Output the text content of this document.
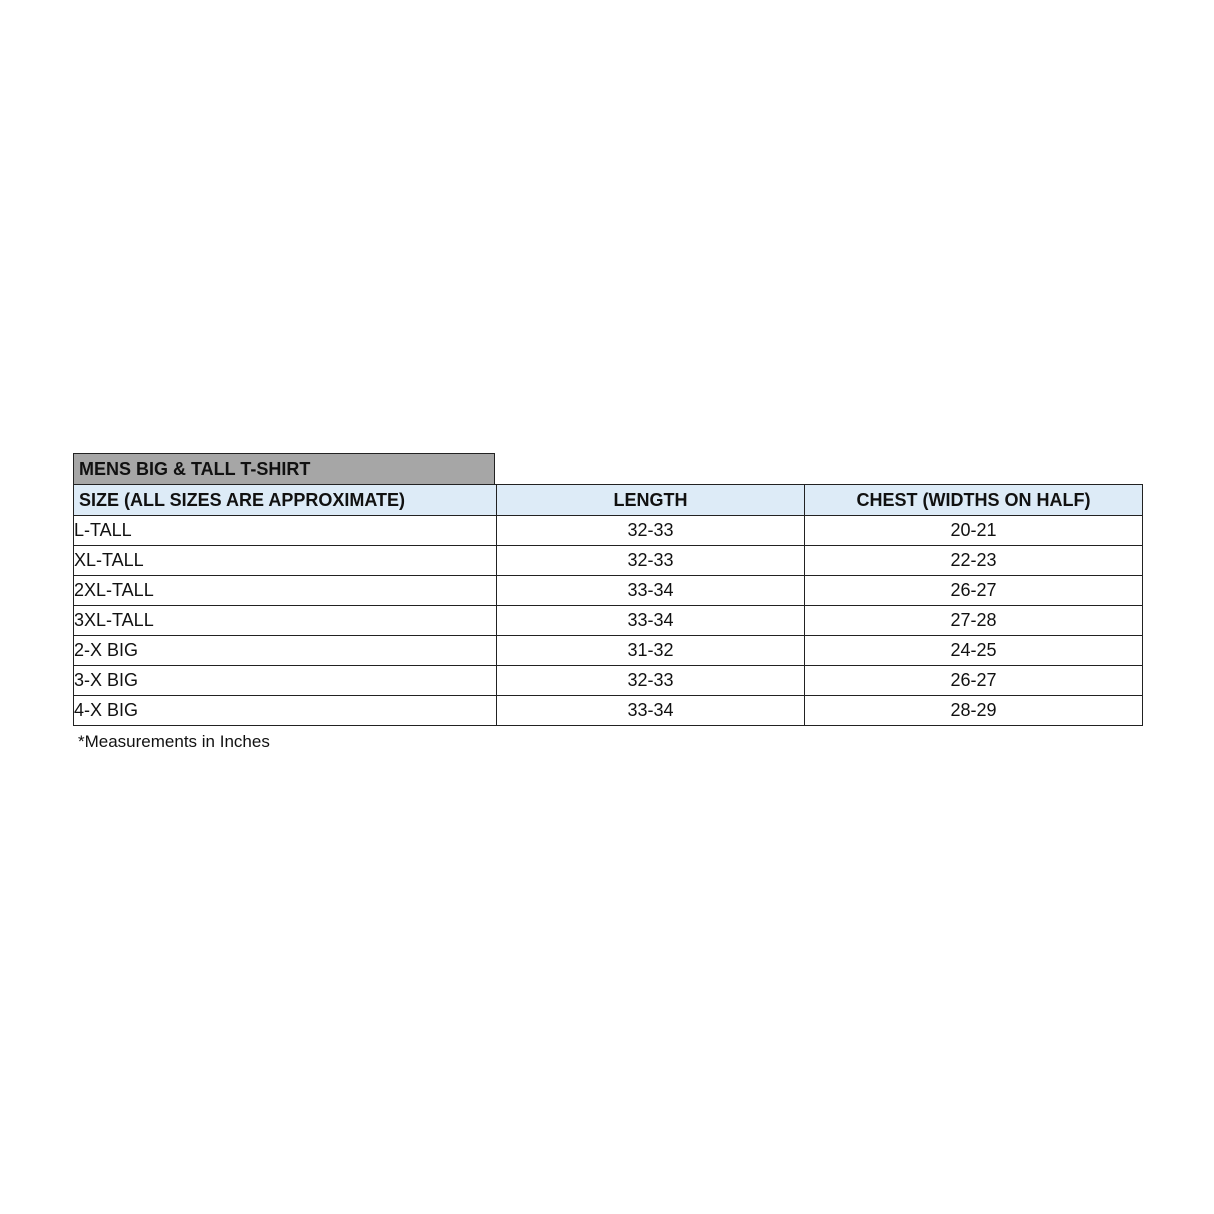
MENS BIG & TALL T-SHIRT
SIZE (ALL SIZES ARE APPROXIMATE)	LENGTH	CHEST (WIDTHS ON HALF)
L-TALL	32-33	20-21
XL-TALL	32-33	22-23
2XL-TALL	33-34	26-27
3XL-TALL	33-34	27-28
2-X BIG	31-32	24-25
3-X BIG	32-33	26-27
4-X BIG	33-34	28-29
*Measurements in Inches
